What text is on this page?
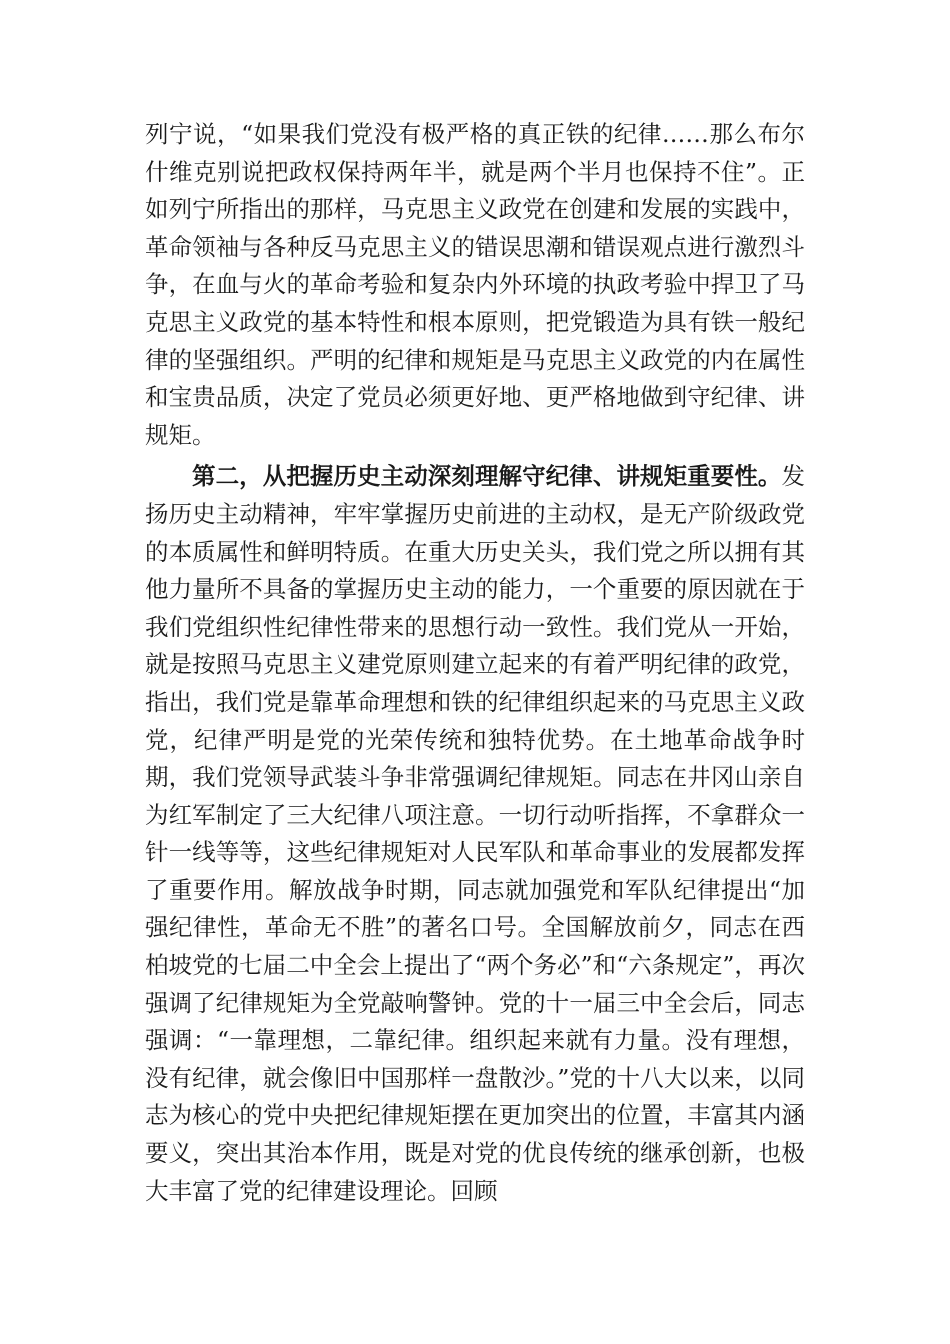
列宁说，“如果我们党没有极严格的真正铁的纪律……那么布尔什维克别说把政权保持两年半，就是两个半月也保持不住”。正如列宁所指出的那样，马克思主义政党在创建和发展的实践中，革命领袖与各种反马克思主义的错误思潮和错误观点进行激烈斗争，在血与火的革命考验和复杂内外环境的执政考验中捍卫了马克思主义政党的基本特性和根本原则，把党锻造为具有铁一般纪律的坚强组织。严明的纪律和规矩是马克思主义政党的内在属性和宝贵品质，决定了党员必须更好地、更严格地做到守纪律、讲规矩。

第二，从把握历史主动深刻理解守纪律、讲规矩重要性。发扬历史主动精神，牢牢掌握历史前进的主动权，是无产阶级政党的本质属性和鲜明特质。在重大历史关头，我们党之所以拥有其他力量所不具备的掌握历史主动的能力，一个重要的原因就在于我们党组织性纪律性带来的思想行动一致性。我们党从一开始，就是按照马克思主义建党原则建立起来的有着严明纪律的政党，指出，我们党是靠革命理想和铁的纪律组织起来的马克思主义政党，纪律严明是党的光荣传统和独特优势。在土地革命战争时期，我们党领导武装斗争非常强调纪律规矩。同志在井冈山亲自为红军制定了三大纪律八项注意。一切行动听指挥，不拿群众一针一线等等，这些纪律规矩对人民军队和革命事业的发展都发挥了重要作用。解放战争时期，同志就加强党和军队纪律提出“加强纪律性，革命无不胜”的著名口号。全国解放前夕，同志在西柏坡党的七届二中全会上提出了“两个务必”和“六条规定”，再次强调了纪律规矩为全党敲响警钟。党的十一届三中全会后，同志强调：“一靠理想，二靠纪律。组织起来就有力量。没有理想，没有纪律，就会像旧中国那样一盘散沙。”党的十八大以来，以同志为核心的党中央把纪律规矩摆在更加突出的位置，丰富其内涵要义，突出其治本作用，既是对党的优良传统的继承创新，也极大丰富了党的纪律建设理论。回顾
